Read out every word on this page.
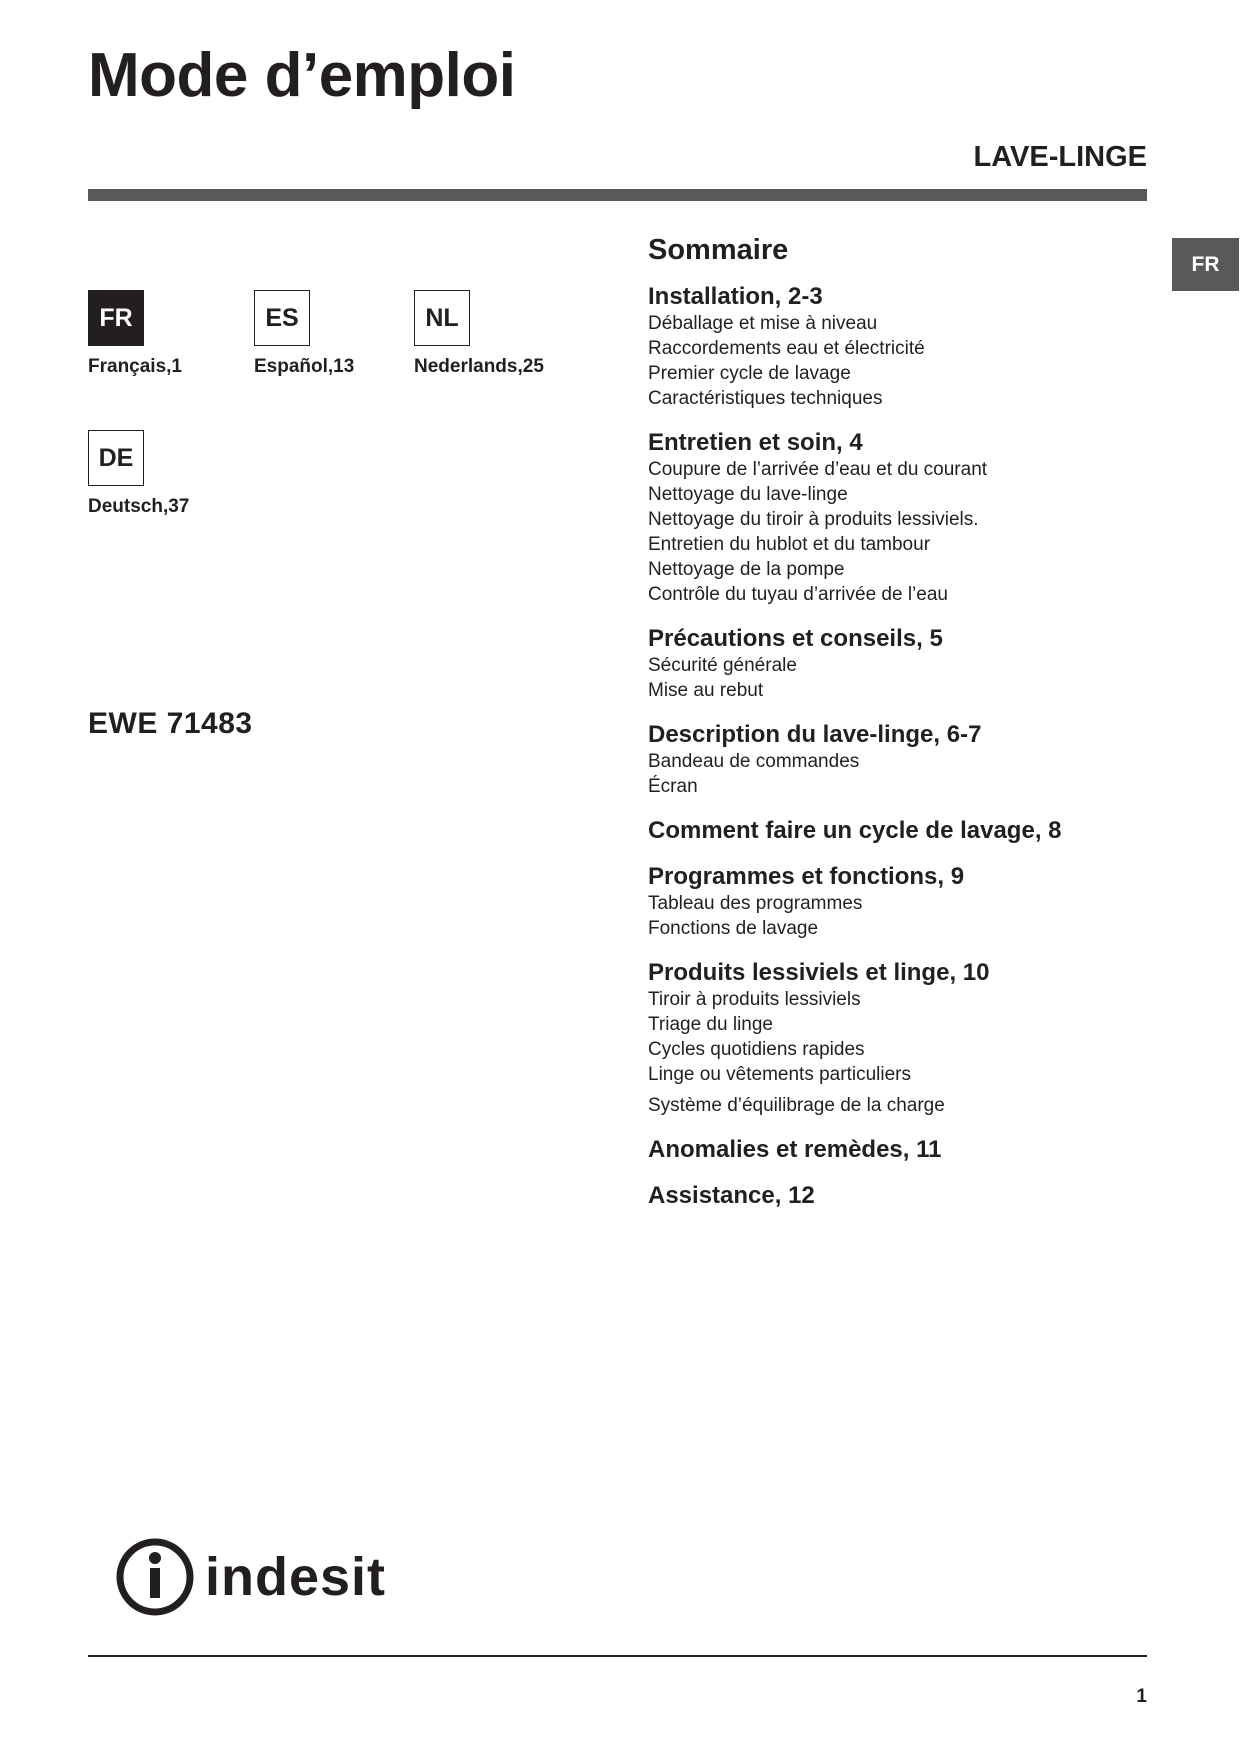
Mode d’emploi
LAVE-LINGE
FR
FR
Français,1
ES
Español,13
NL
Nederlands,25
DE
Deutsch,37
EWE 71483
Sommaire
Installation, 2-3
Déballage et mise à niveau
Raccordements eau et électricité
Premier cycle de lavage
Caractéristiques techniques
Entretien et soin, 4
Coupure de l’arrivée d’eau et du courant
Nettoyage du lave-linge
Nettoyage du tiroir à produits lessiviels.
Entretien du hublot et du tambour
Nettoyage de la pompe
Contrôle du tuyau d’arrivée de l’eau
Précautions et conseils, 5
Sécurité générale
Mise au rebut
Description du lave-linge, 6-7
Bandeau de commandes
Écran
Comment faire un cycle de lavage, 8
Programmes et fonctions, 9
Tableau des programmes
Fonctions de lavage
Produits lessiviels et linge, 10
Tiroir à produits lessiviels
Triage du linge
Cycles quotidiens rapides
Linge ou vêtements particuliers
Système d’équilibrage de la charge
Anomalies et remèdes, 11
Assistance, 12
indesit
1
